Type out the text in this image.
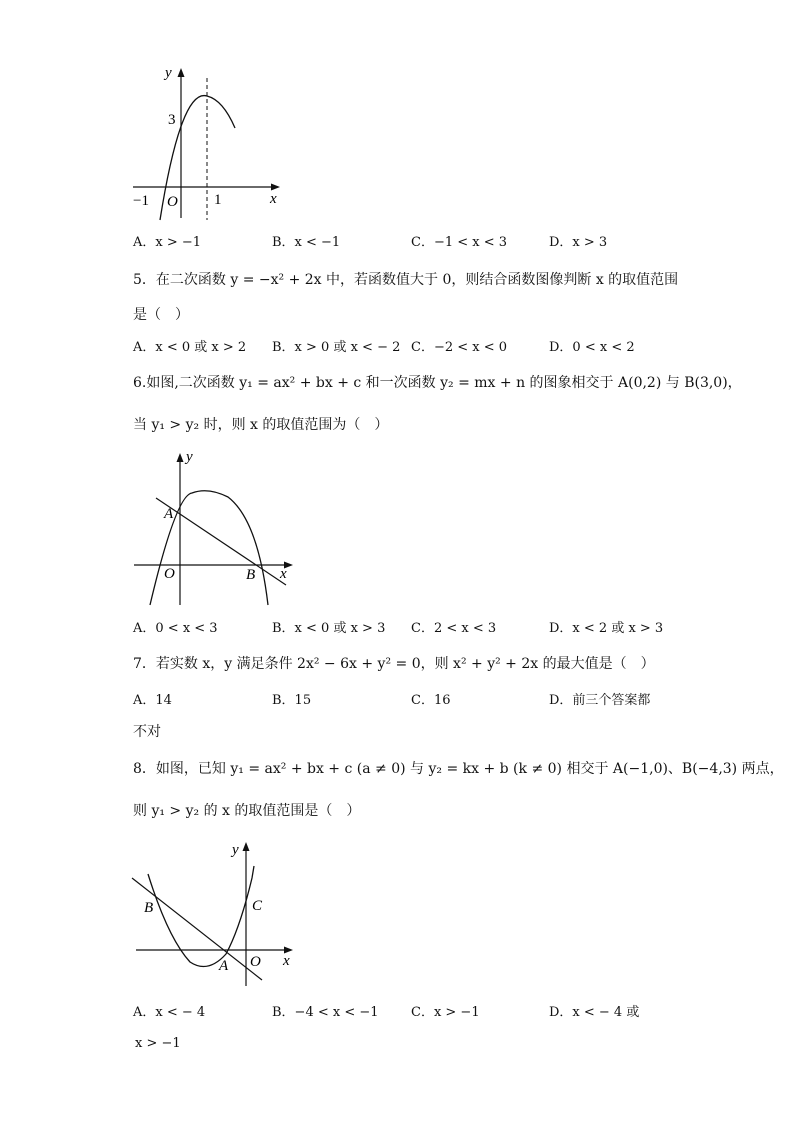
y
x
3
−1 O 1
A．x > −1	B．x < −1	C．−1 < x < 3	D．x > 3
5．在二次函数 y = −x² + 2x 中，若函数值大于 0，则结合函数图像判断 x 的取值范围
是（　）
A．x < 0 或 x > 2 B．x > 0 或 x < − 2 C．−2 < x < 0	D．0 < x < 2
6.如图,二次函数 y₁ = ax² + bx + c 和一次函数 y₂ = mx + n 的图象相交于 A(0,2) 与 B(3,0)，
当 y₁ > y₂ 时，则 x 的取值范围为（　）
y
x
A
B
O
A．0 < x < 3	B．x < 0 或 x > 3 C．2 < x < 3	D．x < 2 或 x > 3
7．若实数 x，y 满足条件 2x² − 6x + y² = 0，则 x² + y² + 2x 的最大值是（　）
A．14	B．15	C．16	D．前三个答案都
不对
8．如图，已知 y₁ = ax² + bx + c (a ≠ 0) 与 y₂ = kx + b (k ≠ 0) 相交于 A(−1,0)、B(−4,3) 两点，
则 y₁ > y₂ 的 x 的取值范围是（　）
y
x
B
A
C
O
A．x < − 4	B．−4 < x < −1 C．x > −1	D．x < − 4 或
x > −1
